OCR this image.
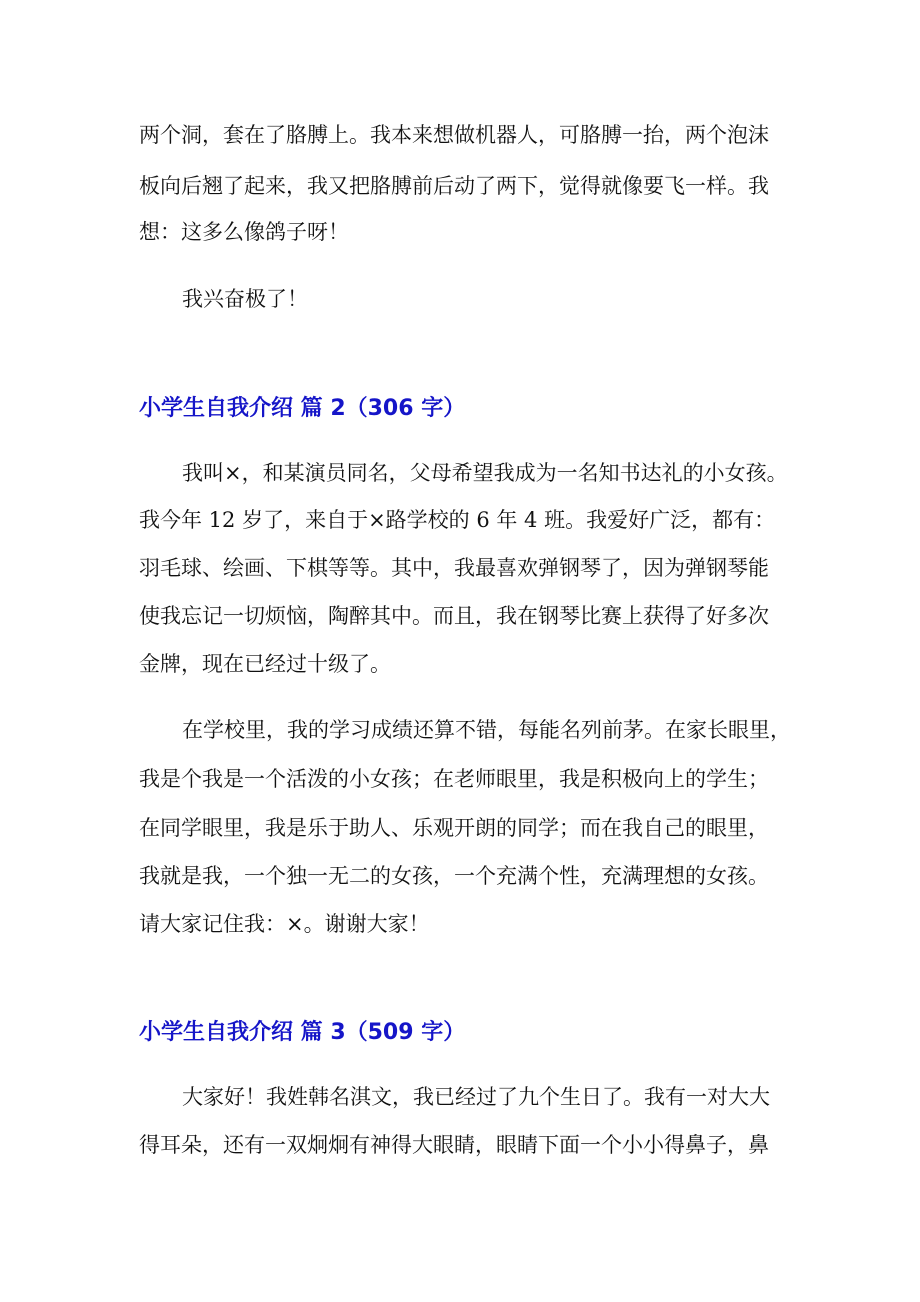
两个洞，套在了胳膊上。我本来想做机器人，可胳膊一抬，两个泡沫

板向后翘了起来，我又把胳膊前后动了两下，觉得就像要飞一样。我

想：这多么像鸽子呀！

我兴奋极了！

小学生自我介绍 篇 2（306 字）

我叫×，和某演员同名，父母希望我成为一名知书达礼的小女孩。

我今年 12 岁了，来自于×路学校的 6 年 4 班。我爱好广泛，都有：

羽毛球、绘画、下棋等等。其中，我最喜欢弹钢琴了，因为弹钢琴能

使我忘记一切烦恼，陶醉其中。而且，我在钢琴比赛上获得了好多次

金牌，现在已经过十级了。

在学校里，我的学习成绩还算不错，每能名列前茅。在家长眼里，

我是个我是一个活泼的小女孩；在老师眼里，我是积极向上的学生；

在同学眼里，我是乐于助人、乐观开朗的同学；而在我自己的眼里，

我就是我，一个独一无二的女孩，一个充满个性，充满理想的女孩。

请大家记住我：×。谢谢大家！

小学生自我介绍 篇 3（509 字）

大家好！我姓韩名淇文，我已经过了九个生日了。我有一对大大

得耳朵，还有一双炯炯有神得大眼睛，眼睛下面一个小小得鼻子，鼻
